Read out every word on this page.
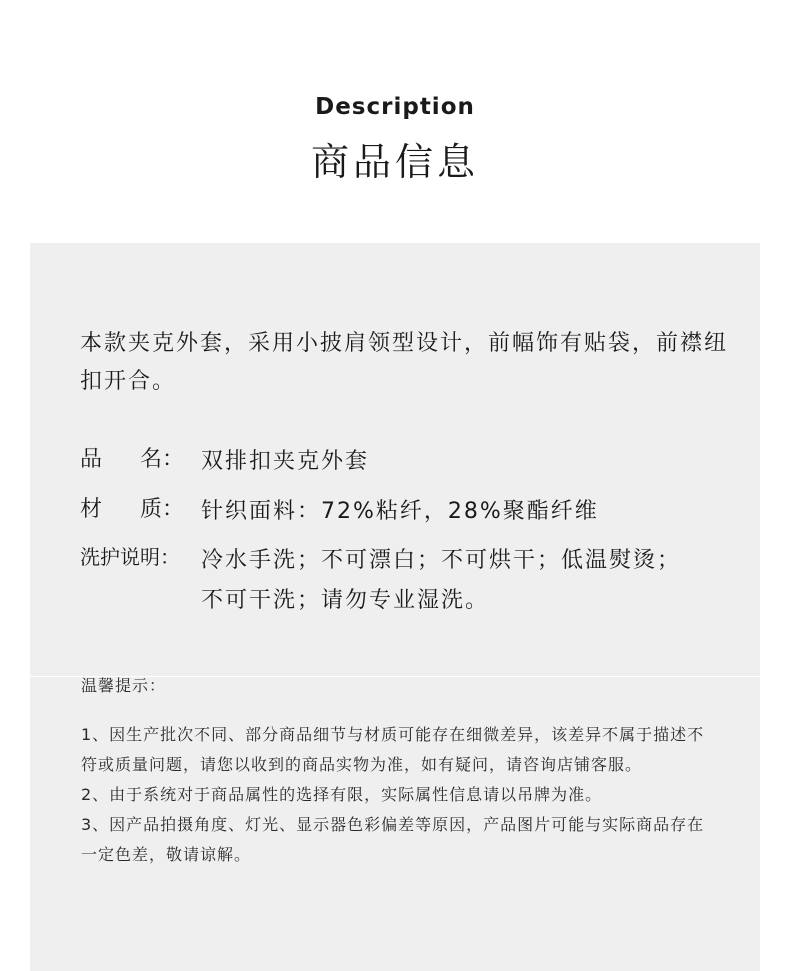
Description
商品信息
本款夹克外套，采用小披肩领型设计，前幅饰有贴袋，前襟纽扣开合。
品 名： 双排扣夹克外套
材 质： 针织面料：72%粘纤，28%聚酯纤维
洗护说明： 冷水手洗；不可漂白；不可烘干；低温熨烫； 不可干洗；请勿专业湿洗。
温馨提示：

1、因生产批次不同、部分商品细节与材质可能存在细微差异，该差异不属于描述不符或质量问题，请您以收到的商品实物为准，如有疑问，请咨询店铺客服。

2、由于系统对于商品属性的选择有限，实际属性信息请以吊牌为准。

3、因产品拍摄角度、灯光、显示器色彩偏差等原因，产品图片可能与实际商品存在一定色差，敬请谅解。
